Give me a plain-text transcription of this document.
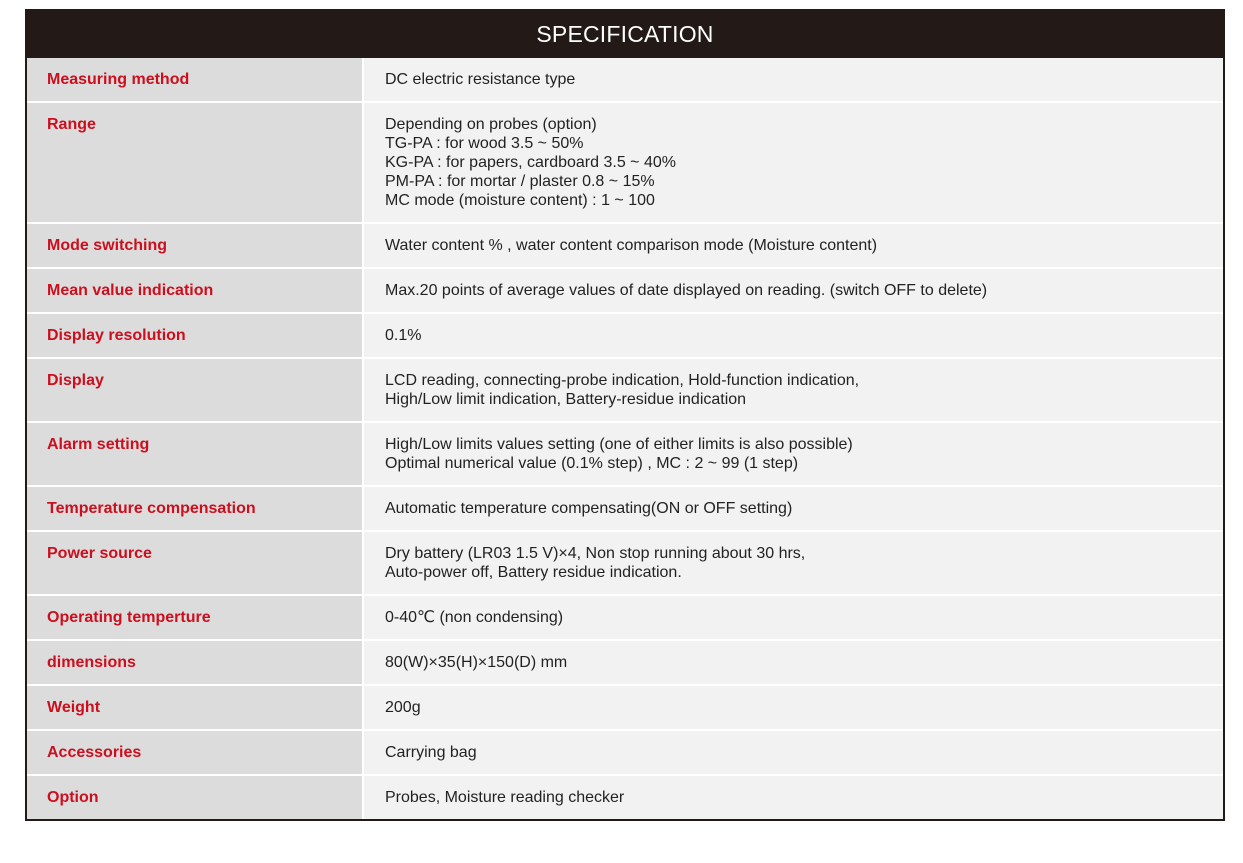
SPECIFICATION
Measuring method	DC electric resistance type
Range	Depending on probes (option)
TG-PA : for wood 3.5 ~ 50%
KG-PA : for papers, cardboard 3.5 ~ 40%
PM-PA : for mortar / plaster 0.8 ~ 15%
MC mode (moisture content) : 1 ~ 100
Mode switching	Water content % , water content comparison mode (Moisture content)
Mean value indication	Max.20 points of average values of date displayed on reading. (switch OFF to delete)
Display resolution	0.1%
Display	LCD reading, connecting-probe indication, Hold-function indication,
High/Low limit indication, Battery-residue indication
Alarm setting	High/Low limits values setting (one of either limits is also possible)
Optimal numerical value (0.1% step) , MC : 2 ~ 99 (1 step)
Temperature compensation	Automatic temperature compensating(ON or OFF setting)
Power source	Dry battery (LR03 1.5 V)×4, Non stop running about 30 hrs,
Auto-power off, Battery residue indication.
Operating temperture	0-40℃ (non condensing)
dimensions	80(W)×35(H)×150(D) mm
Weight	200g
Accessories	Carrying bag
Option	Probes, Moisture reading checker
